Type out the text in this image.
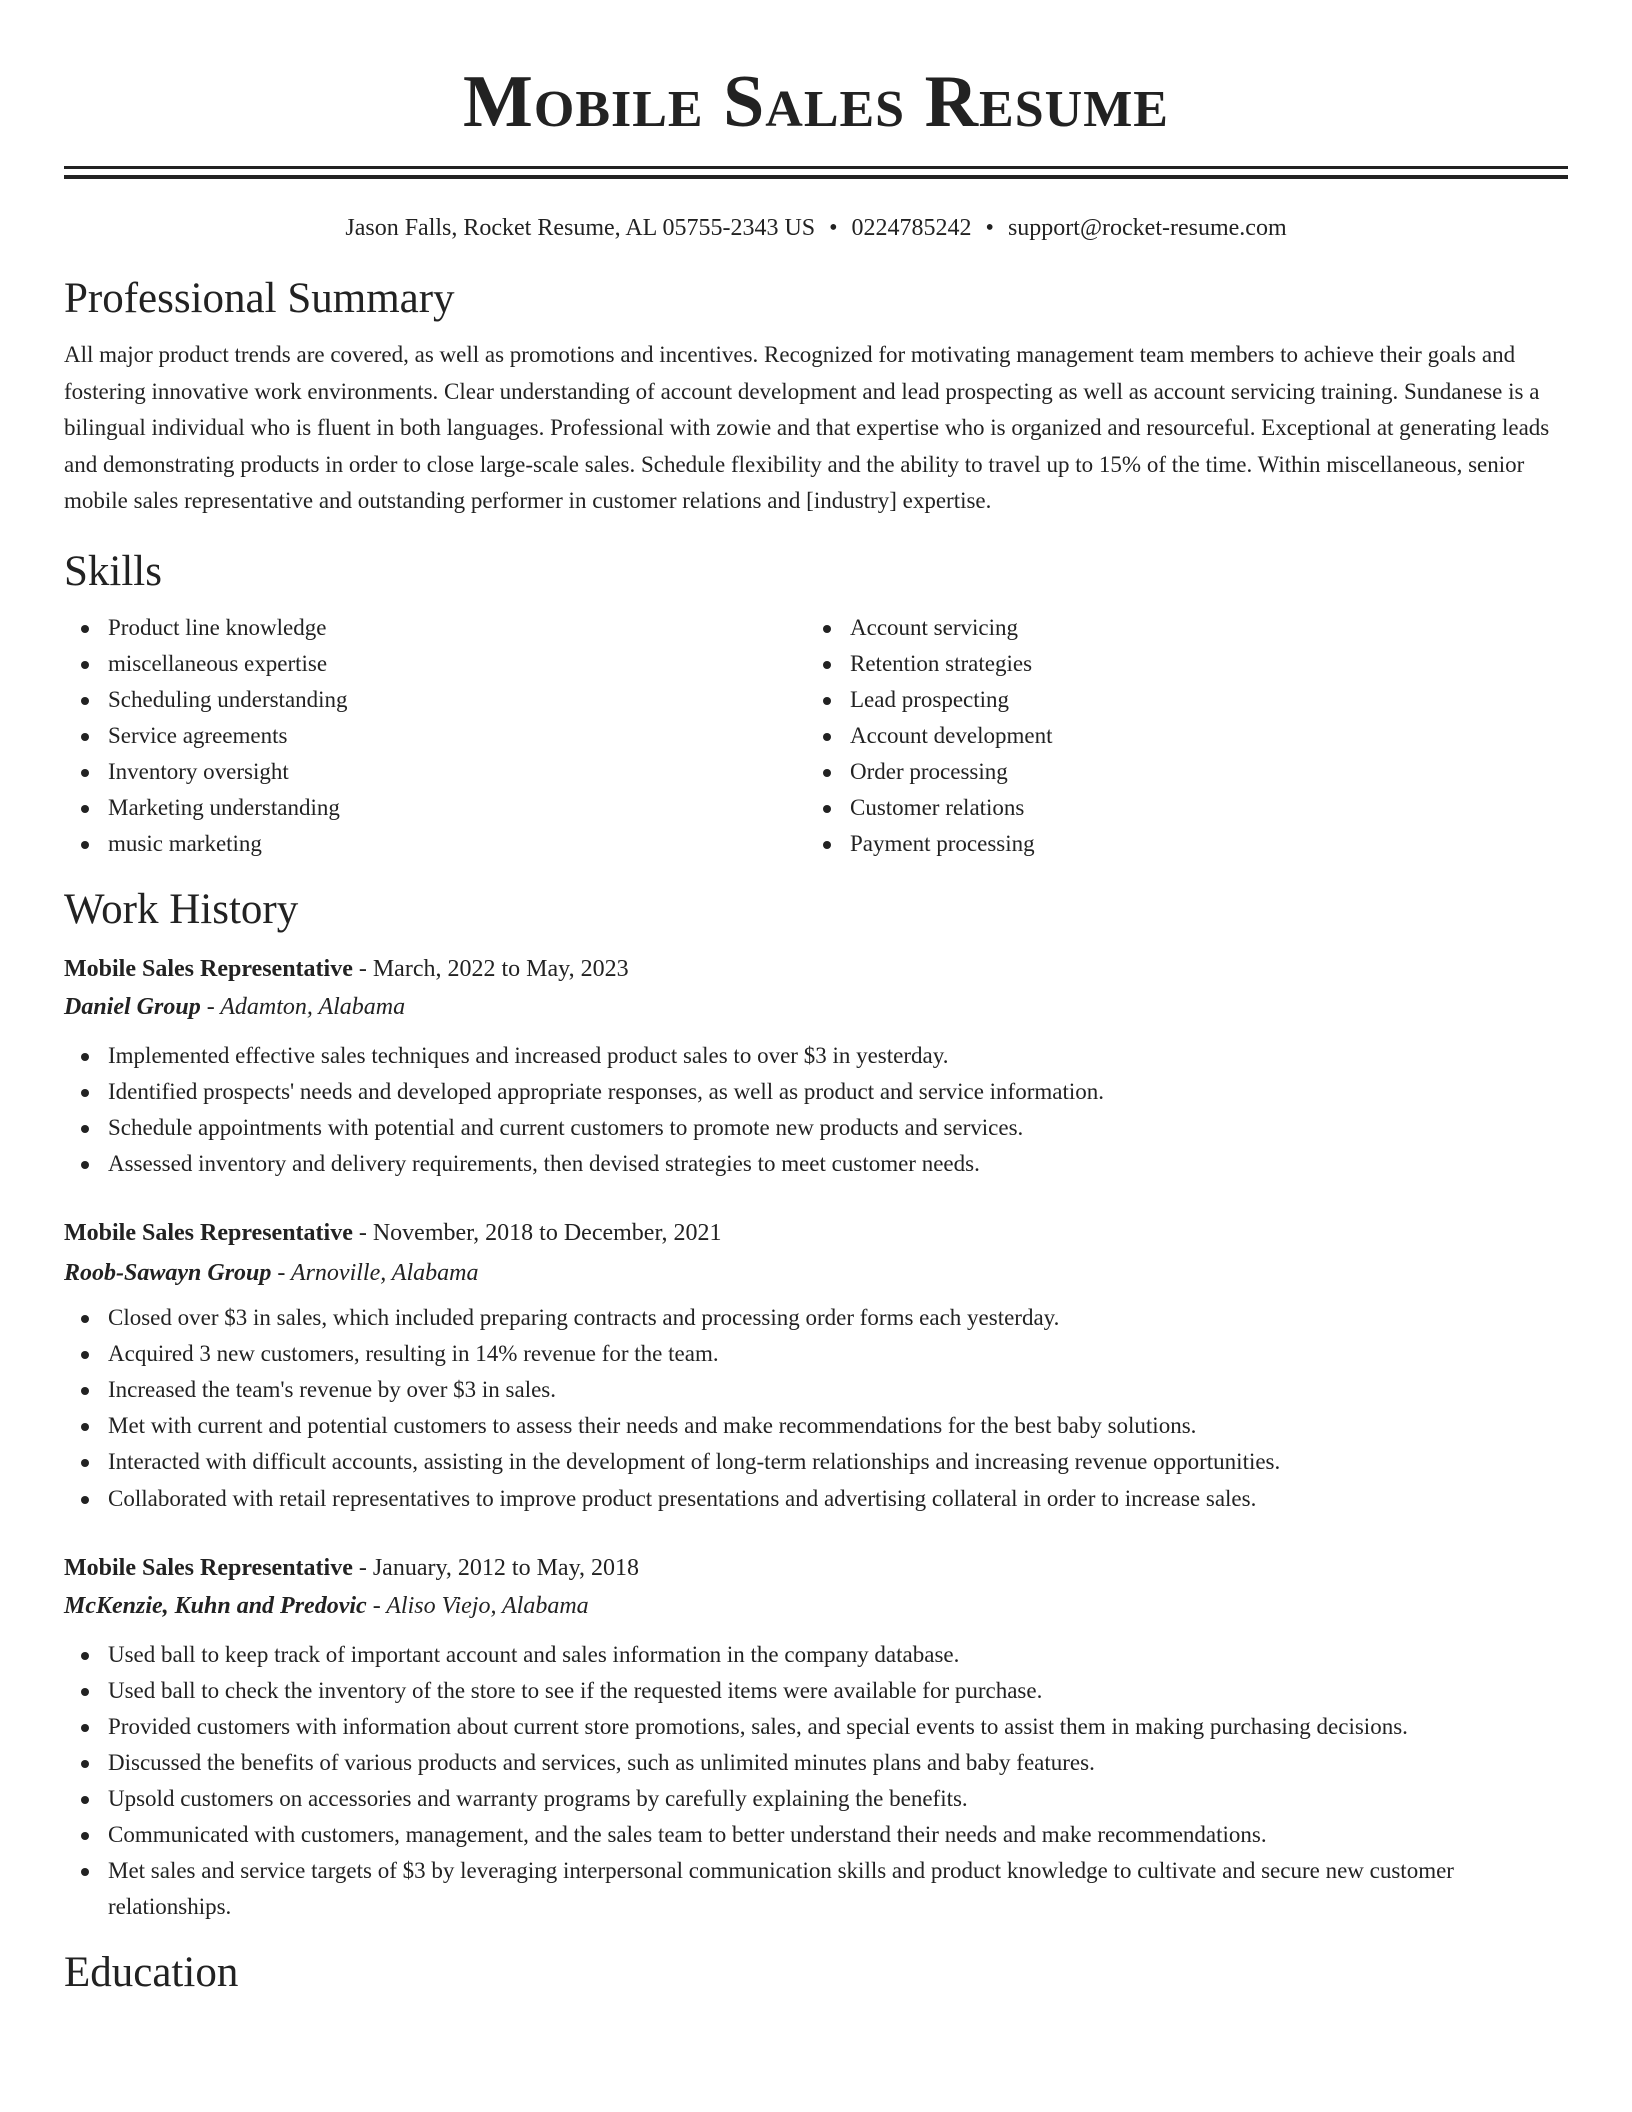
Mobile Sales Resume
Jason Falls, Rocket Resume, AL 05755-2343 US • 0224785242 • support@rocket-resume.com
Professional Summary

All major product trends are covered, as well as promotions and incentives. Recognized for motivating management team members to achieve their goals and fostering innovative work environments. Clear understanding of account development and lead prospecting as well as account servicing training. Sundanese is a bilingual individual who is fluent in both languages. Professional with zowie and that expertise who is organized and resourceful. Exceptional at generating leads and demonstrating products in order to close large-scale sales. Schedule flexibility and the ability to travel up to 15% of the time. Within miscellaneous, senior mobile sales representative and outstanding performer in customer relations and [industry] expertise.

Skills
Product line knowledge
miscellaneous expertise
Scheduling understanding
Service agreements
Inventory oversight
Marketing understanding
music marketing
Account servicing
Retention strategies
Lead prospecting
Account development
Order processing
Customer relations
Payment processing
Work History
Mobile Sales Representative - March, 2022 to May, 2023
Daniel Group - Adamton, Alabama
Implemented effective sales techniques and increased product sales to over $3 in yesterday.
Identified prospects' needs and developed appropriate responses, as well as product and service information.
Schedule appointments with potential and current customers to promote new products and services.
Assessed inventory and delivery requirements, then devised strategies to meet customer needs.
Mobile Sales Representative - November, 2018 to December, 2021
Roob-Sawayn Group - Arnoville, Alabama
Closed over $3 in sales, which included preparing contracts and processing order forms each yesterday.
Acquired 3 new customers, resulting in 14% revenue for the team.
Increased the team's revenue by over $3 in sales.
Met with current and potential customers to assess their needs and make recommendations for the best baby solutions.
Interacted with difficult accounts, assisting in the development of long-term relationships and increasing revenue opportunities.
Collaborated with retail representatives to improve product presentations and advertising collateral in order to increase sales.
Mobile Sales Representative - January, 2012 to May, 2018
McKenzie, Kuhn and Predovic - Aliso Viejo, Alabama
Used ball to keep track of important account and sales information in the company database.
Used ball to check the inventory of the store to see if the requested items were available for purchase.
Provided customers with information about current store promotions, sales, and special events to assist them in making purchasing decisions.
Discussed the benefits of various products and services, such as unlimited minutes plans and baby features.
Upsold customers on accessories and warranty programs by carefully explaining the benefits.
Communicated with customers, management, and the sales team to better understand their needs and make recommendations.
Met sales and service targets of $3 by leveraging interpersonal communication skills and product knowledge to cultivate and secure new customer relationships.
Education
